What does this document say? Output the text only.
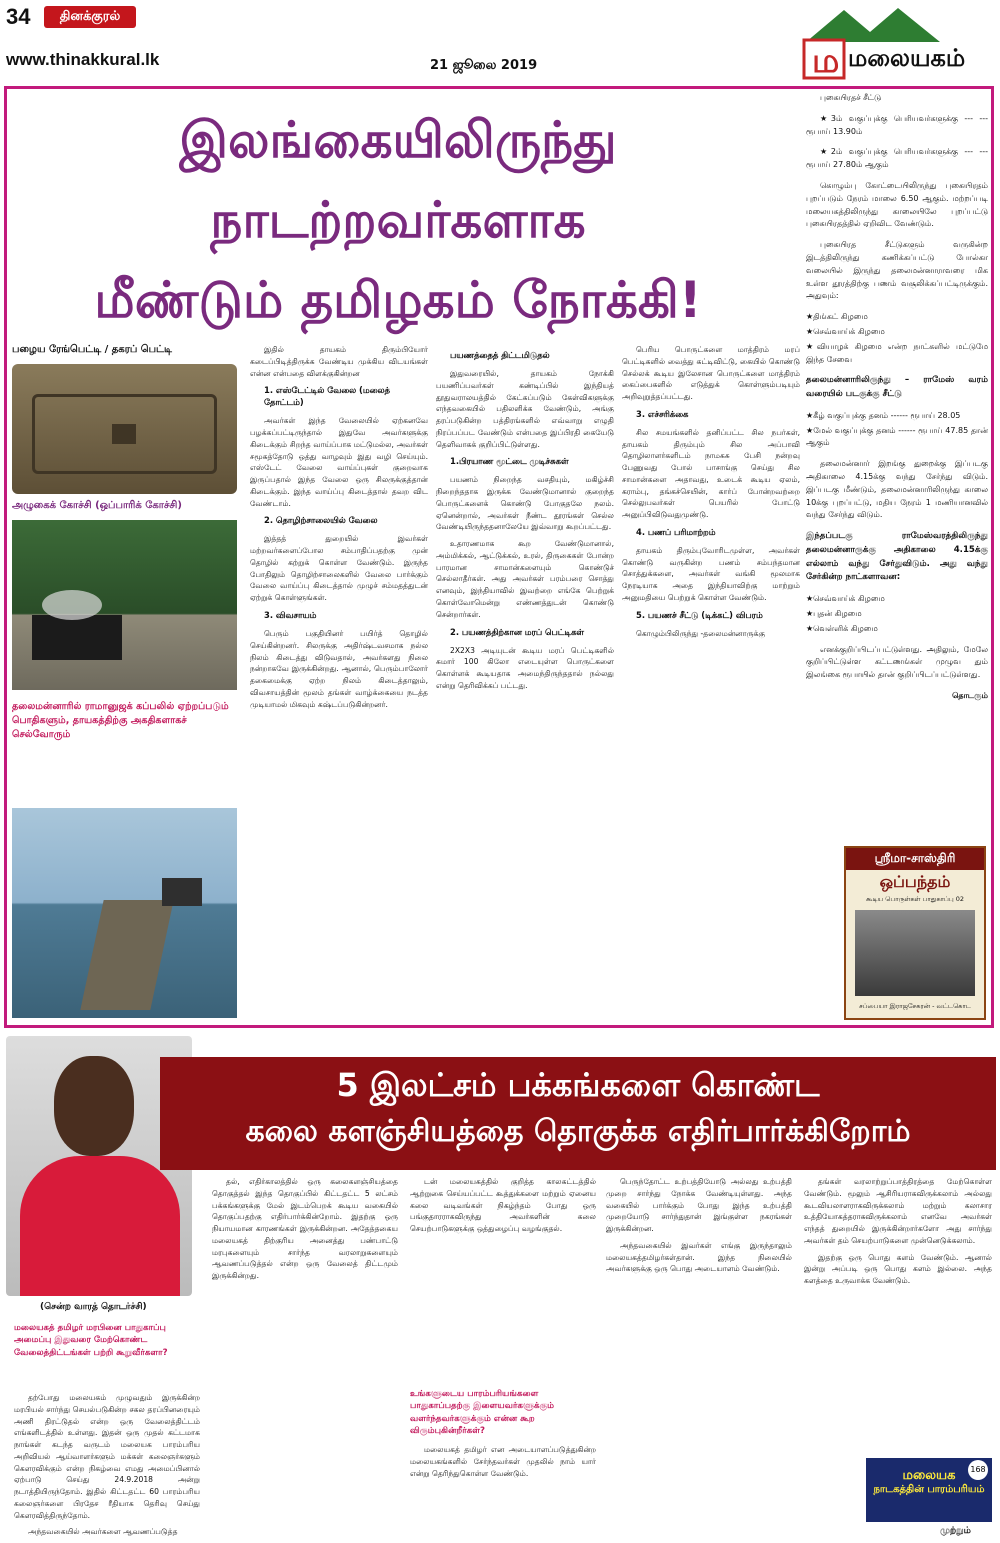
34	தினக்குரல்
www.thinakkural.lk	21 ஜூலை 2019	ம மலையகம்
இலங்கையிலிருந்து நாடற்றவர்களாக
மீண்டும் தமிழகம் நோக்கி!
பழைய ரேங்பெட்டி / தகரப் பெட்டி
அழுகைக் கோச்சி (ஒப்பாரிக் கோச்சி)
தலைமன்னாரில் ராமானுஜக் கப்பலில் ஏற்றப்படும் பொதிகளும், தாயகத்திற்கு அகதிகளாகச் செல்வோரும்

இதில் தாயகம் திரும்பியோர் கடைப்பிடித்திருக்க வேண்டிய முக்கிய விடயங்கள் என்ன என்பதை விளக்குகின்றன

1. எஸ்டேட்டில் வேலை (மலைத் தோட்டம்)

அவர்கள் இந்த வேலையில் ஏற்கனவே பழக்கப்பட்டிருந்தால் இதுவே அவர்களுக்கு கிடைக்கும் சிறந்த வாய்ப்பாக மட்டுமல்ல, அவர்கள் சமூகத்தோடு ஒத்து வாழவும் இது வழி செய்யும். எஸ்டேட் வேலை வாய்ப்புகள் குறைவாக இருப்பதால் இந்த வேலை ஒரு சிலருக்குத்தான் கிடைக்கும். இந்த வாய்ப்பு கிடைத்தால் தவற விட வேண்டாம்.

2. தொழிற்சாலையில் வேலை

இத்தத் துறையில் இவர்கள் மற்றவர்களைப்போல சம்பாதிப்பதற்கு முன் தொழில் கற்றுக் கொள்ள வேண்டும். இருந்த போதிலும் தொழிற்சாலைகளில் வேலை பார்க்கும் வேலை வாய்ப்பு கிடைத்தால் முழுச் சம்மதத்துடன் ஏற்றுக் கொள்ளுங்கள்.

3. விவசாயம்

பெரும் பகுதியினர் பயிர்த் தொழில் செய்கின்றனர். சிலருக்கு அதிர்ஷ்டவசமாக நல்ல நிலம் கிடைத்து விடுவதால், அவர்களது நிலை நன்றாகவே இருக்கின்றது. ஆனால், பெரும்பாலோர் தகைமைக்கு ஏற்ற நிலம் கிடைத்தாலும், விவசாயத்தின் மூலம் தங்கள் வாழ்க்கையை நடத்த முடியாமல் மிகவும் கஷ்டப்படுகின்றனர்.

பயணத்தைத் திட்டமிடுதல்

இதுவரையில், தாயகம் நோக்கி பயணிப்பவர்கள் கண்டிப்பில் இந்தியத் தூதுவராலயத்தில் கேட்கப்படும் கேள்விகளுக்கு எந்தவகையில் பதிலளிக்க வேண்டும், அங்கு தரப்படுகின்ற பத்திரங்களில் எவ்வாறு எழுதி நிரப்பப்பட வேண்டும் என்பதை இப்பிரதி கையேடு தெளிவாகக் குறிப்பிட்டுள்ளது.

1.பிரயாண மூட்டை முடிச்சுகள்

பயணம் நிறைந்த வசதியும், மகிழ்ச்சி நிறைந்ததாக இருக்க வேண்டுமானால் குறைந்த பொருட்களைக் கொண்டு போகுதலே நலம். ஏனென்றால், அவர்கள் நீண்ட தூரங்கள் செல்ல வேண்டியிருந்ததனாலேயே இவ்வாறு கூறப்பட்டது.

உதாரணமாக கூற வேண்டுமானால், அம்மிக்கல், ஆட்டுக்கல், உரல், திருகைகள் போன்ற பாரமான சாமான்களையும் கொண்டுச் செல்லாதீர்கள். அது அவர்கள் பரம்பரை சொத்து எனவும், இந்தியாவில் இவற்றை எங்கே பெற்றுக் கொள்வோமென்று எண்ணத்துடன் கொண்டு சென்றார்கள்.

2. பயணத்திற்கான மரப் பெட்டிகள்

2X2X3 அடியுடன் கூடிய மரப் பெட்டிகளில் சுமார் 100 கிலோ எடையுள்ள பொருட்களை கொள்ளக் கூடியதாக அமைந்திருந்ததால் நல்லது என்று தெரிவிக்கப் பட்டது.

பெரிய பொருட்களை மாத்திரம் மரப் பெட்டிகளில் வைத்து கட்டிவிட்டு, கையில் கொண்டு செல்லக் கூடிய இலேசான பொருட்களை மாத்திரம் கைப்பைகளில் எடுத்துக் கொள்ளும்படியும் அறிவுறுத்தப்பட்டது.

3. எச்சரிக்கை

சில சமயங்களில் தனிப்பட்ட சில நபர்கள், தாயகம் திரும்பும் சில அப்பாவி தொழிலாளர்களிடம் நாமகசு பேசி நன்றவு பேணுவது போல் பாசாங்கு செய்து சில சாமான்களை அதாவது, உடைக் கூடிய ஏலம், கராம்பு, தங்கச்செயின், கார்ப் போன்றவற்றை செல்லுபவர்கள் பெயரில் போட்டு அனுப்பிவிடுவதுமுண்டு.

4. பணப் பரிமாற்றம்

தாயகம் திரும்புவோரிடமுள்ள, அவர்கள் கொண்டு வருகின்ற பணம் சம்பந்தமான சொத்துக்களை, அவர்கள் வங்கி மூலமாக நேரடியாக அதை இந்தியாவிற்கு மாற்றும் அனுமதியை பெற்றுக் கொள்ள வேண்டும்.

5. பயணச் சீட்டு (டிக்கட்) விபரம்

கொழும்பிலிருந்து -தலைமன்னாருக்கு

புகையிரதச் சீட்டு

★3ம் வகுப்புக்கு பெரியவர்களுக்கு --- --- ரூபாய் 13.90ம்

★2ம் வகுப்புக்கு பெரியவர்களுக்கு --- --- ரூபாய் 27.80ம் ஆகும்

கொழும்பு கோட்டையிலிருந்து புகையிரதம் புறப்படும் நேரம் மாலை 6.50 ஆகும். மற்றப்படி மலையகத்திலிருந்து காலையிலே புறப்பட்டு புகையிரதத்தில் ஏறிவிட வேண்டும்.

புகையிரத சீட்டுகளும் வருகின்ற இடத்திலிருந்து கணிக்கப்பட்டு போல்கா வலையில் இருந்து தலைமன்னாராவரை மிக உள்ள தூரத்திற்கு பணம் வசூலிக்கப்பட்டிருக்கும். அதுவும்:

★திங்கட் கிழமை

★செவ்வாய்க் கிழமை

★வியாழக் கிழமை என்ற நாட்களில் மட்டுமே இந்த சேவை

தலைமன்னாரிலிருந்து – ராமேஸ் வரம் வரையில் படகுக்கு சீட்டு

★கீழ் வகுப்புக்கு தனம் ------ ரூபாய் 28.05

★மேல் வகுப்புக்கு தனம் ------ ரூபாய் 47.85 தான் ஆகும்

தலைமன்னார் இறங்கு துறைக்கு இப்படகு அதிகாலை 4.15க்கு வந்து சேர்ந்து விடும். இப்படகு மீண்டும், தலைமன்னாரிலிருந்து காலை 10க்கு புறப்பட்டு, மதிய நேரம் 1 மணியானவில் வந்து சேர்ந்து விடும்.

இந்தப்படகு ராமேஸ்வரத்திலிருந்து தலைமன்னாருக்கு அதிகாலை 4.15க்கு எல்லாம் வந்து சேர்துவிடும். அது வந்து சேர்கின்ற நாட்களாவன:

★செவ்வாய்க் கிழமை

★புதன் கிழமை

★வெள்ளிக் கிழமை

எனக்குறிப்பிடப்பட்டுள்ளது. அதிலும், மேலே குறிப்பிட்டுள்ள கட்டணங்கள் முழுவ தும் இலங்கை ரூபாயில் தான் குறிப்பிடப்பட்டுள்ளது.

தொடரும்

ஸ்ரீமா-சாஸ்திரி
ஒப்பந்தம்
கூடிய பொருள்கள் பாதுகாப்பு 02
சப்பையா இராஜசேகரன் - வட்டகொட
5 இலட்சம் பக்கங்களை கொண்ட
கலை களஞ்சியத்தை தொகுக்க எதிர்பார்க்கிறோம்
(சென்ற வாரத் தொடர்ச்சி)
மலையகத் தமிழர் மரபினை பாதுகாப்பு அமைப்பு இதுவரை மேற்கொண்ட வேலைத்திட்டங்கள் பற்றி கூறுவீர்களா?

தற்போது மலையகம் முழுவதும் இருக்கின்ற மரபியல் சார்ந்து செயல்படுகின்ற சகல தரப்பினரையும் அணி திரட்டுதல் என்ற ஒரு வேலைத்திட்டம் எங்களிடத்தில் உள்ளது. இதன் ஒரு முதல் கட்டமாக நாங்கள் கடந்த வருடம் மலையக பாரம்பரிய அறிவியல் ஆய்வாளர்களும் மக்கள் கலைஞர்களும் கெளரவிக்கும் என்ற நிகழ்வை எமது அமைப்பினால் ஏற்பாடு செய்து 24.9.2018 அன்று நடாத்தியிருந்தோம். இதில் கிட்டதட்ட 60 பாரம்பரிய கலைஞர்களை பிரதேச ரீதியாக தெரிவு செய்து கௌரவித்திருந்தோம்.

அந்தவகையில் அவர்களை ஆவணப்படுத்த

தல், எதிர்காலத்தில் ஒரு கலைகளஞ்சியத்தை தொகுத்தல் இந்த தொகுப்பில் கிட்டதட்ட 5 லட்சம் பக்கங்களுக்கு மேல் இடம்பெறக் கூடிய வகையில் தொகுப்பதற்கு எதிர்பார்க்கின்றோம். இதற்கு ஒரு நியாயமான காரணங்கள் இருக்கின்றன. அதேத்தகைய மலையகத் திற்குரிய அனைத்து பண்பாட்டு மரபுகளையும் சார்ந்த வரலாறுகளையும் ஆவணப்படுத்தல் என்ற ஒரு வேலைத் திட்டமும் இருக்கின்றது.

டன் மலையகத்தில் குறித்த காலகட்டத்தில் ஆற்றுகை செய்யப்பட்ட கூத்துக்களை மற்றும் ஏனைய கலை வடிவங்கள் நிகழ்ந்தம் போது ஒரு பங்குதாரராகவிருந்து அவர்களின் கலை செயற்பாடுகளுக்கு ஒத்துழைப்பு வழங்குதல்.

உங்களுடைய பாரம்பரியங்களை பாதுகாப்பதற்கு இளையவர்களுக்கும் வளர்ந்தவர்களுக்கும் என்ன கூற விரும்புகின்றீர்கள்?

மலையகத் தமிழர் என அடையாளப்படுத்துகின்ற மலையகங்களில் சேர்ந்தவர்கள் முதலில் நாம் யார் என்று தெரிந்துகொள்ள வேண்டும்.

பெருந்தோட்ட உற்பத்தியோடு அல்லது உற்பத்தி முறை சார்ந்து நோக்க வேண்டியுள்ளது. அந்த வகையில் பார்க்கும் போது இந்த உற்பத்தி முறையோடு சார்ந்துதான் இங்குள்ள நகரங்கள் இருக்கின்றன.

அந்தவகையில் இவர்கள் எங்கு இருந்தாலும் மலையகத்தமிழர்கள்தான். இந்த நிலையில் அவர்களுக்கு ஒரு பொது அடையாளம் வேண்டும்.

தங்கள் வரலாற்றுப்பாத்திரத்தை மேற்கொள்ள வேண்டும். மூலும் ஆசிரியராகவிருக்கலாம் அல்லது கூடவியலாளராகவிருக்கலாம் மற்றும் கலாசார உத்தியோகத்தராகவிருக்கலாம் எனவே அவர்கள் எந்தத் துறையில் இருக்கின்றார்களோ அது சார்ந்து அவர்கள் தம் செயற்பாடுகளை முன்னெடுக்கலாம்.

இதற்கு ஒரு பொது களம் வேண்டும். ஆனால் இன்று அப்படி ஒரு பொது களம் இல்லை. அந்த களத்தை உருவாக்க வேண்டும்.

168
மலையக
நாடகத்தின் பாரம்பரியம்
முற்றும்
